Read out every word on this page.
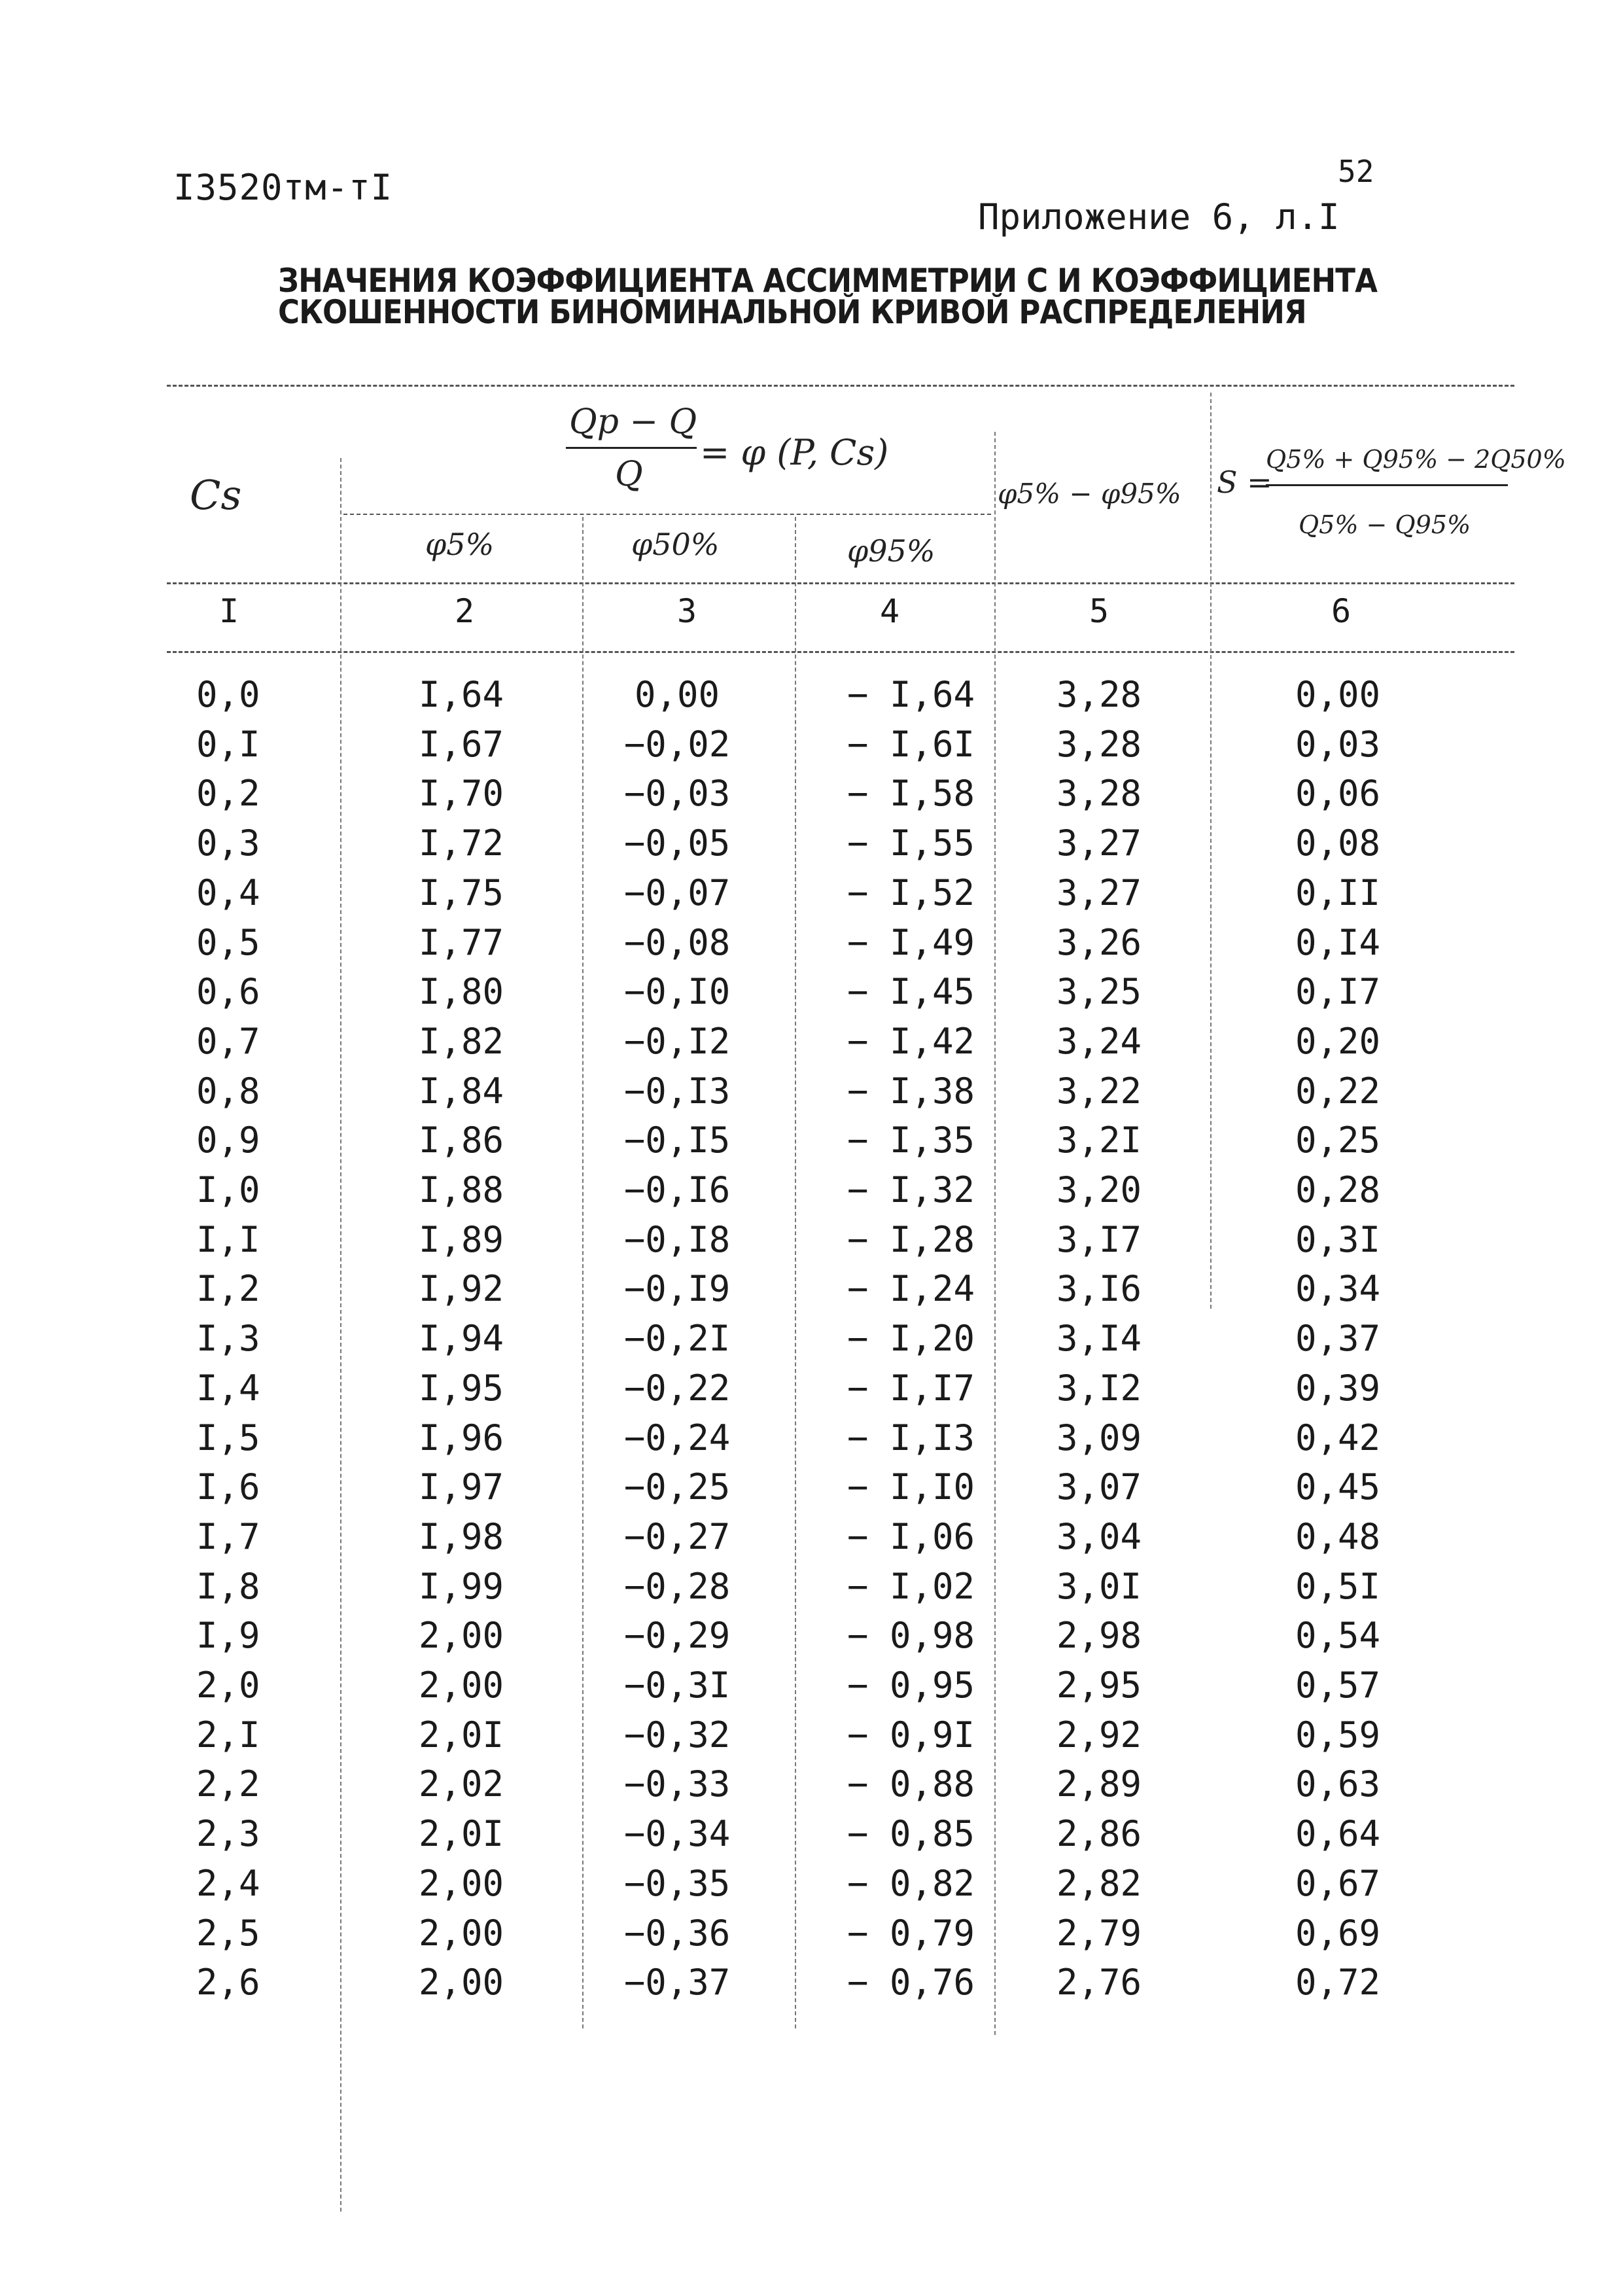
I3520тм-тI	52
Приложение 6, л.I
ЗНАЧЕНИЯ КОЭФФИЦИЕНТА АССИММЕТРИИ С И КОЭФФИЦИЕНТА
СКОШЕННОСТИ БИНОМИНАЛЬНОЙ КРИВОЙ РАСПРЕДЕЛЕНИЯ
Cs
Qp − Q
Q
= φ (P, Cs)
φ5%	φ50%	φ95%
φ5% − φ95% S =
Q5% + Q95% − 2Q50%
Q5% − Q95%
I	2	3	4	5	6
0,0	I,64	0,00	− I,64	3,28	0,00
0,I	I,67	−0,02	− I,6I	3,28	0,03
0,2	I,70	−0,03	− I,58	3,28	0,06
0,3	I,72	−0,05	− I,55	3,27	0,08
0,4	I,75	−0,07	− I,52	3,27	0,II
0,5	I,77	−0,08	− I,49	3,26	0,I4
0,6	I,80	−0,I0	− I,45	3,25	0,I7
0,7	I,82	−0,I2	− I,42	3,24	0,20
0,8	I,84	−0,I3	− I,38	3,22	0,22
0,9	I,86	−0,I5	− I,35	3,2I	0,25
I,0	I,88	−0,I6	− I,32	3,20	0,28
I,I	I,89	−0,I8	− I,28	3,I7	0,3I
I,2	I,92	−0,I9	− I,24	3,I6	0,34
I,3	I,94	−0,2I	− I,20	3,I4	0,37
I,4	I,95	−0,22	− I,I7	3,I2	0,39
I,5	I,96	−0,24	− I,I3	3,09	0,42
I,6	I,97	−0,25	− I,I0	3,07	0,45
I,7	I,98	−0,27	− I,06	3,04	0,48
I,8	I,99	−0,28	− I,02	3,0I	0,5I
I,9	2,00	−0,29	− 0,98	2,98	0,54
2,0	2,00	−0,3I	− 0,95	2,95	0,57
2,I	2,0I	−0,32	− 0,9I	2,92	0,59
2,2	2,02	−0,33	− 0,88	2,89	0,63
2,3	2,0I	−0,34	− 0,85	2,86	0,64
2,4	2,00	−0,35	− 0,82	2,82	0,67
2,5	2,00	−0,36	− 0,79	2,79	0,69
2,6	2,00	−0,37	− 0,76	2,76	0,72
